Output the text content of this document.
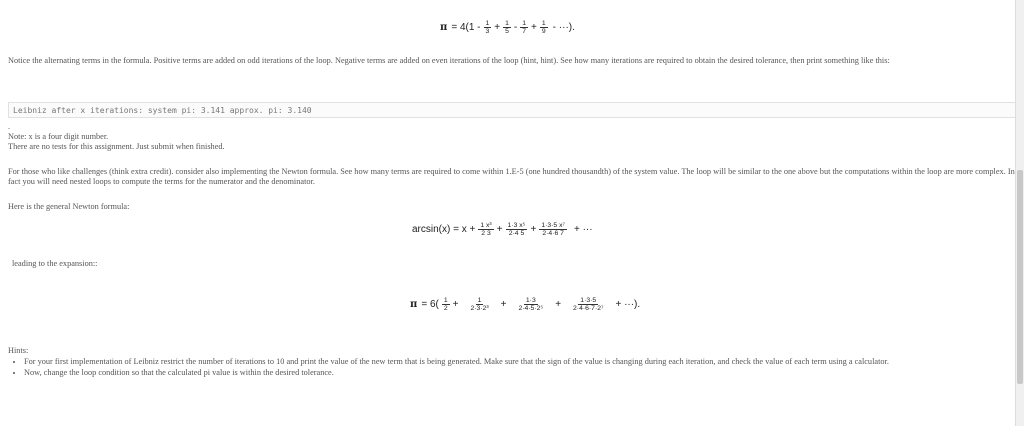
$\pi = 4(1 - \frac{1}{3} + \frac{1}{5} - \frac{1}{7} + \frac{1}{9}$ - ···).

Notice the alternating terms in the formula. Positive terms are added on odd iterations of the loop. Negative terms are added on even iterations of the loop (hint, hint). See how many iterations are required to obtain the desired tolerance, then print something like this:

Leibniz after x iterations: system pi: 3.141 approx. pi: 3.140

.

Note: x is a four digit number.

There are no tests for this assignment. Just submit when finished.

For those who like challenges (think extra credit). consider also implementing the Newton formula. See how many terms are required to come within 1.E-5 (one hundred thousandth) of the system value. The loop will be similar to the one above but the computations within the loop are more complex. In fact you will need nested loops to compute the terms for the numerator and the denominator.

Here is the general Newton formula:

$\arcsin(x) = x + \frac{\text{1 x³}}{2 3} + \frac{\text{1·3 x⁵}}{2\cdot 4 5} + \frac{\text{1·3·5 x⁷}}{2\cdot 4\cdot 6 7}$ + ···

leading to the expansion::

$\pi = 6( \frac{1}{2} + \frac{1}{\text{2·3·2³}} + \frac{1\cdot 3}{\text{2·4·5·2⁵}} + \frac{1\cdot 3\cdot 5}{\text{2·4·6·7·2⁷}}$ + ···).
Hints:
• For your first implementation of Leibniz restrict the number of iterations to 10 and print the value of the new term that is being generated. Make sure that the sign of the value is changing during each iteration, and check the value of each term using a calculator.
• Now, change the loop condition so that the calculated pi value is within the desired tolerance.
